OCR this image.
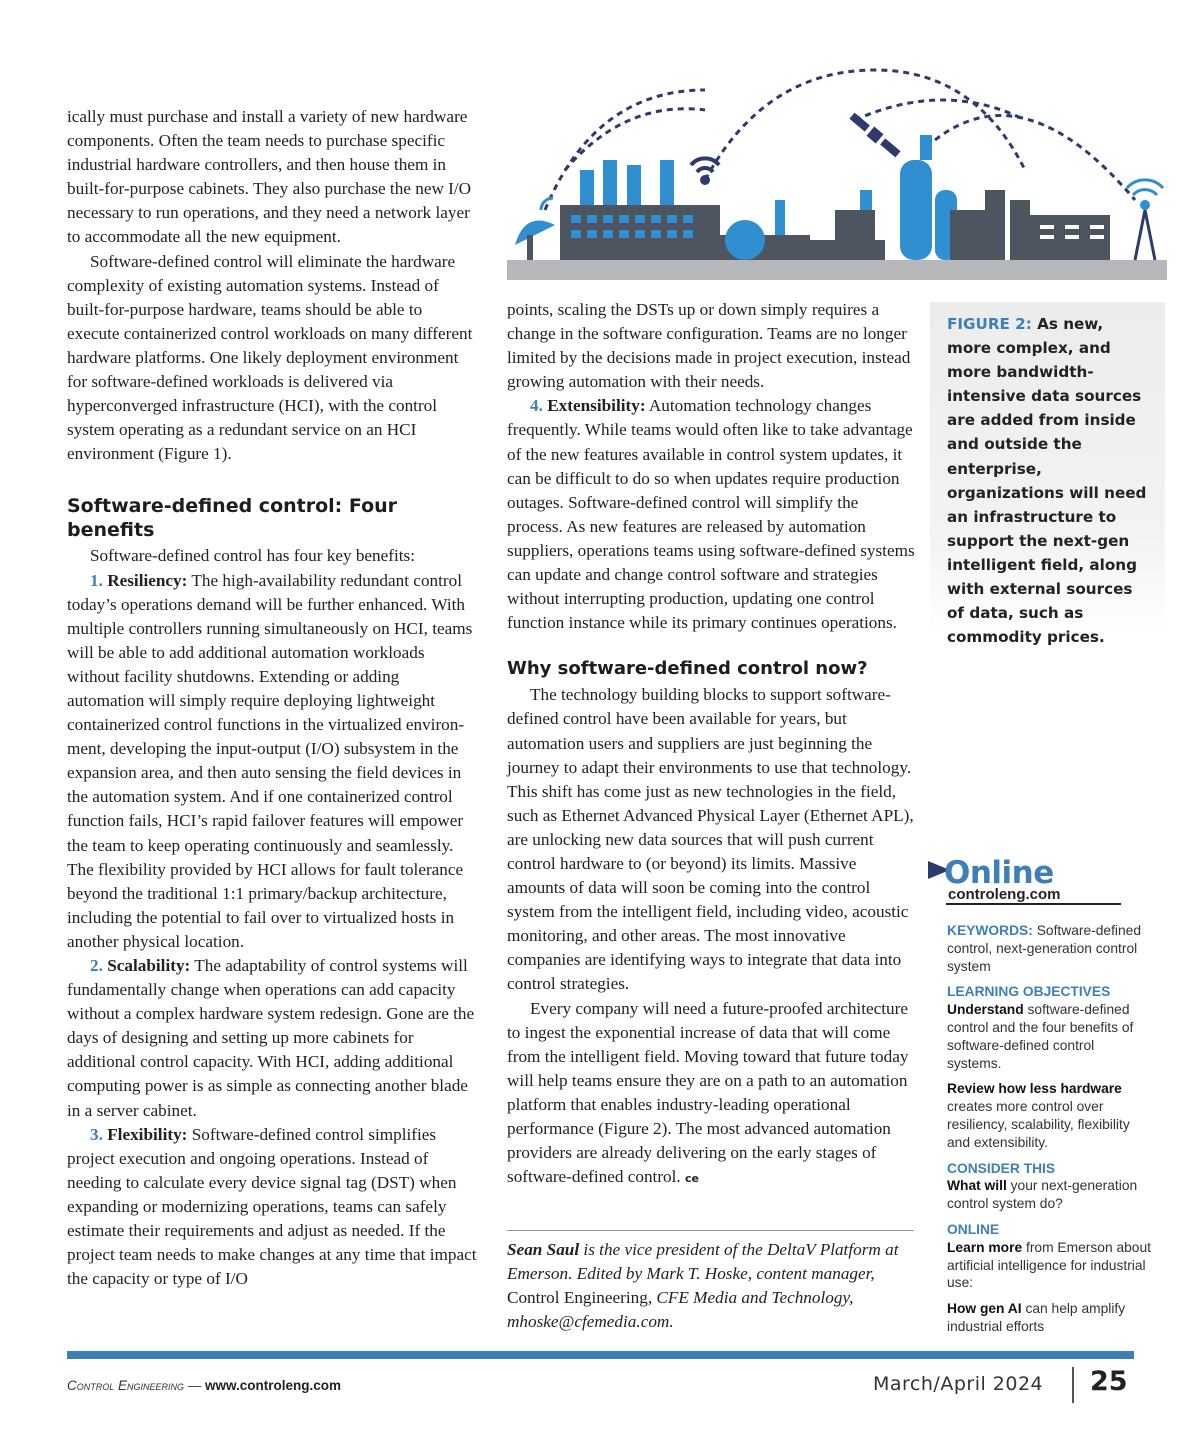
ically must purchase and install a variety of new hardware components. Often the team needs to purchase specific industrial hardware controllers, and then house them in built-for-purpose cabinets. They also purchase the new I/O necessary to run operations, and they need a network layer to accommodate all the new equipment.

Software-defined control will eliminate the hardware complexity of existing automation systems. Instead of built-for-purpose hardware, teams should be able to execute containerized control workloads on many different hardware platforms. One likely deployment environment for software-defined workloads is delivered via hyperconverged infrastructure (HCI), with the control system operating as a redundant service on an HCI environment (Figure 1).

Software-defined control: Four benefits

Software-defined control has four key benefits:

1. Resiliency: The high-availability redundant control today’s operations demand will be further enhanced. With multiple controllers running simultaneously on HCI, teams will be able to add additional automation workloads without facility shutdowns. Extending or adding automation will simply require deploying lightweight containerized control functions in the virtualized environment, developing the input-output (I/O) subsystem in the expansion area, and then auto sensing the field devices in the automation system. And if one containerized control function fails, HCI’s rapid failover features will empower the team to keep operating continuously and seamlessly. The flexibility provided by HCI allows for fault tolerance beyond the traditional 1:1 primary/backup architecture, including the potential to fail over to virtualized hosts in another physical location.

2. Scalability: The adaptability of control systems will fundamentally change when operations can add capacity without a complex hardware system redesign. Gone are the days of designing and setting up more cabinets for additional control capacity. With HCI, adding additional computing power is as simple as connecting another blade in a server cabinet.

3. Flexibility: Software-defined control simplifies project execution and ongoing operations. Instead of needing to calculate every device signal tag (DST) when expanding or modernizing operations, teams can safely estimate their requirements and adjust as needed. If the project team needs to make changes at any time that impact the capacity or type of I/O

points, scaling the DSTs up or down simply requires a change in the software configuration. Teams are no longer limited by the decisions made in project execution, instead growing automation with their needs.

4. Extensibility: Automation technology changes frequently. While teams would often like to take advantage of the new features available in control system updates, it can be difficult to do so when updates require production outages. Software-defined control will simplify the process. As new features are released by automation suppliers, operations teams using software-defined systems can update and change control software and strategies without interrupting production, updating one control function instance while its primary continues operations.

Why software-defined control now?

The technology building blocks to support software-defined control have been available for years, but automation users and suppliers are just beginning the journey to adapt their environments to use that technology. This shift has come just as new technologies in the field, such as Ethernet Advanced Physical Layer (Ethernet APL), are unlocking new data sources that will push current control hardware to (or beyond) its limits. Massive amounts of data will soon be coming into the control system from the intelligent field, including video, acoustic monitoring, and other areas. The most innovative companies are identifying ways to integrate that data into control strategies.

Every company will need a future-proofed architecture to ingest the exponential increase of data that will come from the intelligent field. Moving toward that future today will help teams ensure they are on a path to an automation platform that enables industry-leading operational performance (Figure 2). The most advanced automation providers are already delivering on the early stages of software-defined control. ce

Sean Saul is the vice president of the DeltaV Platform at Emerson. Edited by Mark T. Hoske, content manager, Control Engineering, CFE Media and Technology, mhoske@cfemedia.com.
FIGURE 2: As new, more complex, and more bandwidth-intensive data sources are added from inside and outside the enterprise, organizations will need an infrastructure to support the next-gen intelligent field, along with external sources of data, such as commodity prices.
Online
controleng.com
KEYWORDS: Software-defined control, next-generation control system
LEARNING OBJECTIVES
Understand software-defined control and the four benefits of software-defined control systems.
Review how less hardware creates more control over resiliency, scalability, flexibility and extensibility.
CONSIDER THIS
What will your next-generation control system do?
ONLINE
Learn more from Emerson about artificial intelligence for industrial use:
How gen AI can help amplify industrial efforts
Control Engineering — www.controleng.com	March/April 2024 25
